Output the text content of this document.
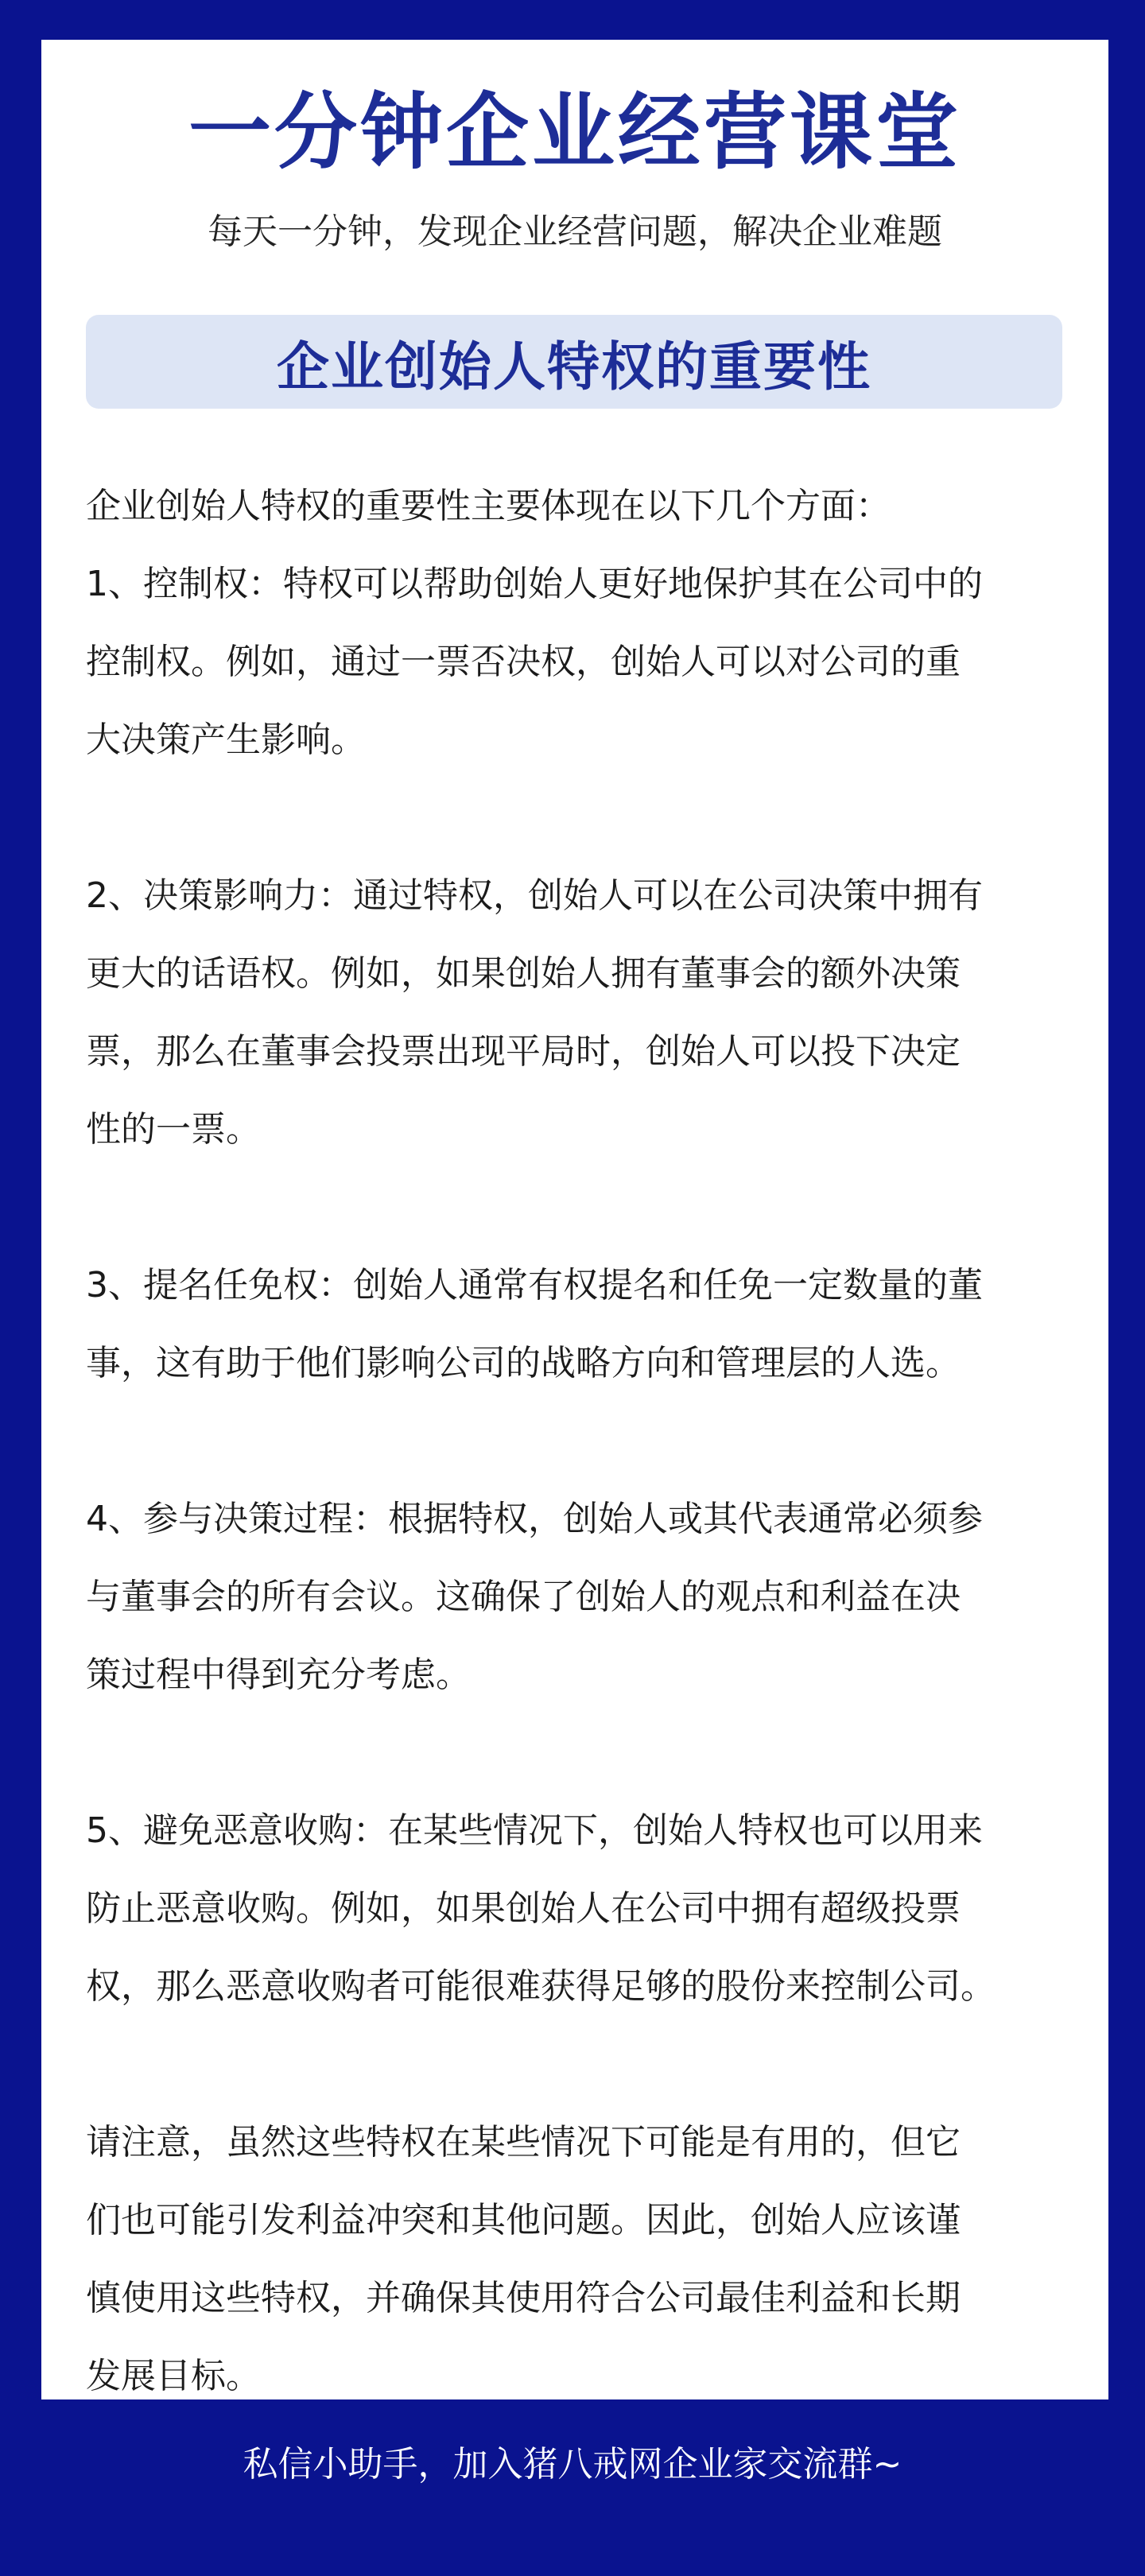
一分钟企业经营课堂

每天一分钟，发现企业经营问题，解决企业难题

企业创始人特权的重要性

企业创始人特权的重要性主要体现在以下几个方面：

1、控制权：特权可以帮助创始人更好地保护其在公司中的
控制权。例如，通过一票否决权，创始人可以对公司的重
大决策产生影响。

2、决策影响力：通过特权，创始人可以在公司决策中拥有
更大的话语权。例如，如果创始人拥有董事会的额外决策
票，那么在董事会投票出现平局时，创始人可以投下决定
性的一票。

3、提名任免权：创始人通常有权提名和任免一定数量的董
事，这有助于他们影响公司的战略方向和管理层的人选。

4、参与决策过程：根据特权，创始人或其代表通常必须参
与董事会的所有会议。这确保了创始人的观点和利益在决
策过程中得到充分考虑。

5、避免恶意收购：在某些情况下，创始人特权也可以用来
防止恶意收购。例如，如果创始人在公司中拥有超级投票
权，那么恶意收购者可能很难获得足够的股份来控制公司。

请注意，虽然这些特权在某些情况下可能是有用的，但它
们也可能引发利益冲突和其他问题。因此，创始人应该谨
慎使用这些特权，并确保其使用符合公司最佳利益和长期
发展目标。

私信小助手，加入猪八戒网企业家交流群~
